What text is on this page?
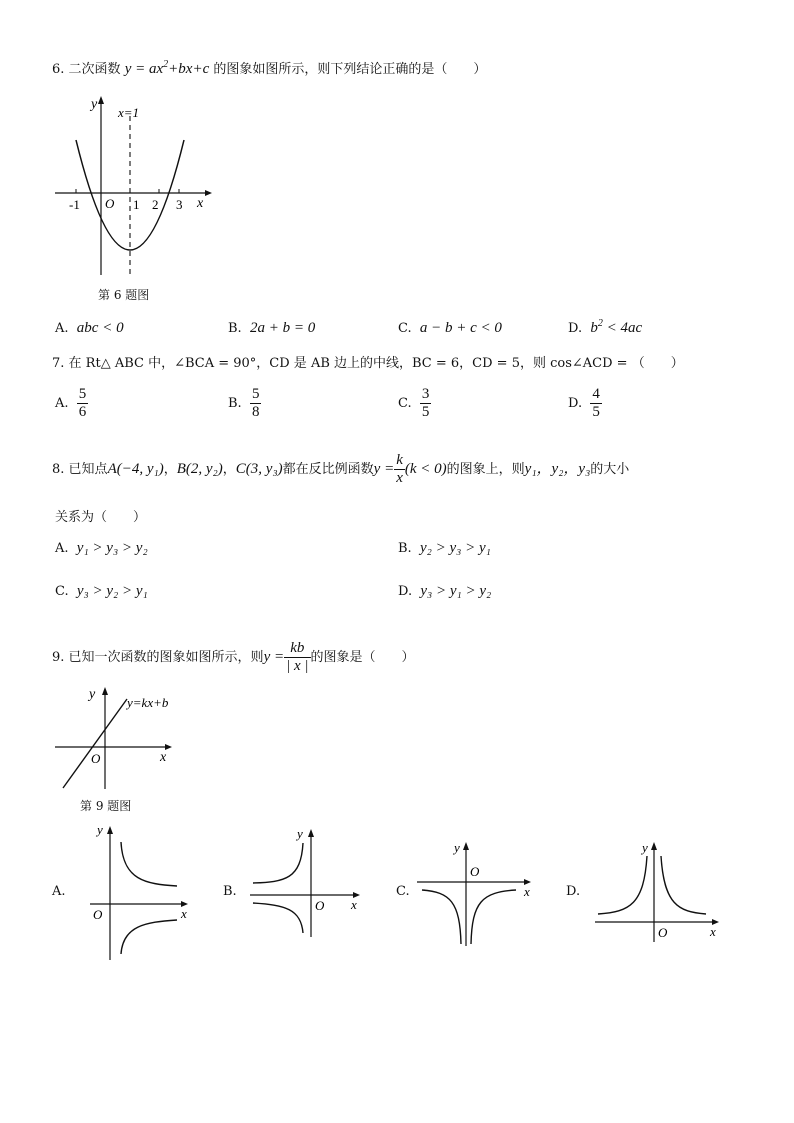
6. 二次函数 $y = ax^2+bx+c$ 的图象如图所示，则下列结论正确的是（　　）
y
x=1
x
O
-1	1 2 3
第 6 题图
A. abc < 0	B. 2a + b = 0	C. a − b + c < 0	D. $b^2 < 4ac$
7. 在 Rt△ ABC 中，∠BCA = 90°，CD 是 AB 边上的中线，BC = 6，CD = 5，则 cos∠ACD = （　　）
A. $\frac{5}{6}$	B. $\frac{5}{8}$	C. $\frac{3}{5}$	D. $\frac{4}{5}$
8. 已知点A(−4, y₁)，B(2, y₂)，C(3, y₃)都在反比例函数$y = \frac{k}{x} (k < 0)$的图象上，则y₁，y₂，y₃的大小
关系为（　　）
A. y₁ > y₃ > y₂	B. y₂ > y₃ > y₁
C. y₃ > y₂ > y₁	D. y₃ > y₁ > y₂
9. 已知一次函数的图象如图所示，则$y = \frac{kb}{| x |}$ 的图象是（　　）
y
y=kx+b
x
O
第 9 题图
A.
y
x
O
B.
y
x
O
C.
y
x
O
D.
y
x
O
